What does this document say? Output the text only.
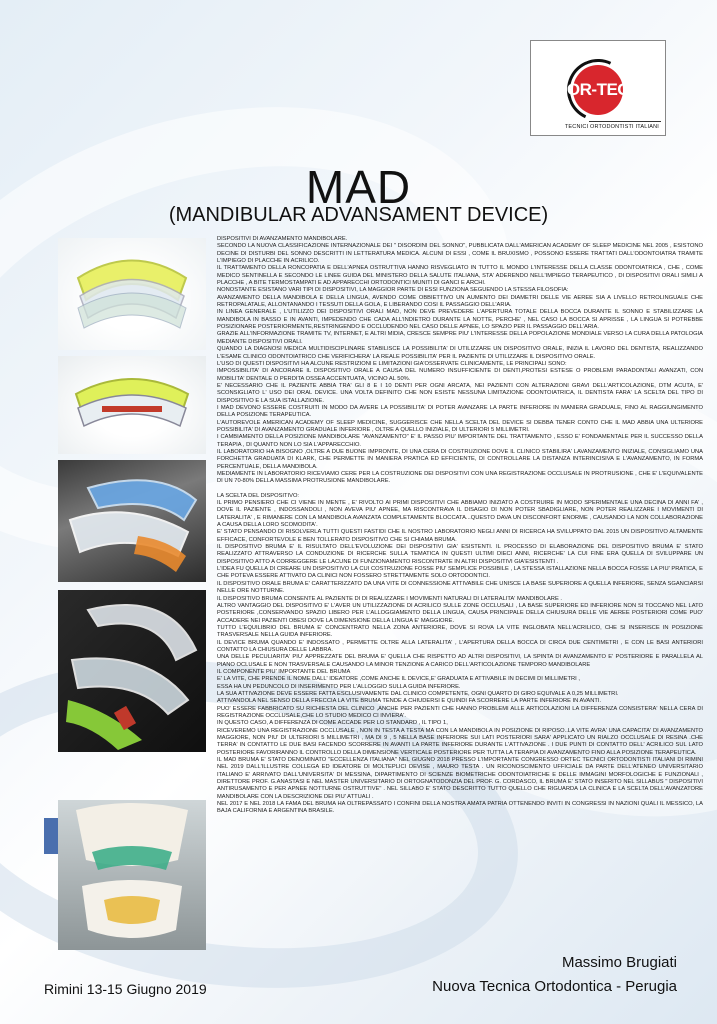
OR-TEC
TECNICI ORTODONTISTI ITALIANI
MAD
(MANDIBULAR ADVANSAMENT DEVICE)

DISPOSITIVI DI AVANZAMENTO MANDIBOLARE.

SECONDO LA NUOVA CLASSIFICAZIONE INTERNAZIONALE DEI " DISORDINI DEL SONNO", PUBBLICATA DALL'AMERICAN ACADEMY OF SLEEP MEDICINE NEL 2005 , ESISTONO DECINE DI DISTURBI DEL SONNO DESCRITTI IN LETTERATURA MEDICA. ALCUNI DI ESSI , COME IL BRUXISMO , POSSONO ESSERE TRATTATI DALL'ODONTOIATRA TRAMITE L'IMPIEGO DI PLACCHE IN ACRILICO.

IL TRATTAMENTO DELLA RONCOPATIA E DELL'APNEA OSTRUTTIVA HANNO RISVEGLIATO IN TUTTO IL MONDO L'INTERESSE DELLA CLASSE ODONTOIATRICA , CHE , COME MEDICO SENTINELLA E SECONDO LE LINEE GUIDA DEL MINISTERO DELLA SALUTE ITALIANA, STA' ADERENDO NELL'IMPIEGO TERAPEUTICO , DI DISPOSITIVI ORALI SIMILI A PLACCHE , A BITE TERMOSTAMPATI E AD APPARECCHI ORTODONTICI MUNITI DI GANCI E ARCHI.

NONOSTANTE ESISTANO VARI TIPI DI DISPOSITIVI, LA MAGGIOR PARTE DI ESSI FUNZIONA SEGUENDO LA STESSA FILOSOFIA:

AVANZAMENTO DELLA MANDIBOLA E DELLA LINGUA, AVENDO COME OBBIETTIVO UN AUMENTO DEI DIAMETRI DELLE VIE AEREE SIA A LIVELLO RETROLINGUALE CHE RETROPALATALE, ALLONTANANDO I TESSUTI DELLA GOLA, E LIBERANDO COSI IL PASSAGGIO DELL'ARIA.

IN LINEA GENERALE , L'UTILIZZO DEI DISPOSITIVI ORALI MAD, NON DEVE PREVEDERE L'APERTURA TOTALE DELLA BOCCA DURANTE IL SONNO E STABILIZZARE LA MANDIBOLA IN BASSO E IN AVANTI, IMPEDENDO CHE CADA ALL'INDIETRO DURANTE LA NOTTE, PERCHE' , NEL CASO LA BOCCA SI APRISSE , LA LINGUA SI POTREBBE POSIZIONARE POSTERIORMENTE,RESTRINGENDO E OCCLUDENDO NEL CASO DELLE APNEE, LO SPAZIO PER IL PASSAGGIO DELL'ARIA.

GRAZIE ALL'INFORMAZIONE TRAMITE TV, INTERNET, E ALTRI MIDIA, CRESCE SEMPRE PIU' L'INTERESSE DELLA POPOLAZIONE MONDIALE VERSO LA CURA DELLA PATOLOGIA MEDIANTE DISPOSITIVI ORALI.

QUANDO LA DIAGNOSI MEDICA MULTIDISCIPLINARE STABILISCE LA POSSIBILITA' DI UTILIZZARE UN DISPOSITIVO ORALE, INIZIA IL LAVORO DEL DENTISTA, REALIZZANDO L'ESAME CLINICO ODONTOIATRICO CHE VERIFICHERA' LA REALE POSSIBILITA' PER IL PAZIENTE DI UTILIZZARE IL DISPOSITIVO ORALE.

L'USO DI QUESTI DISPOSITIVI HA ALCUNE RESTRIZIONI E LIMITAZIONI GIA'OSSERVATE CLINICAMENTE, LE PRINCIPALI SONO:

IMPOSSIBILITA' DI ANCORARE IL DISPOSITIVO ORALE A CAUSA DEL NUMERO INSUFFICIENTE DI DENTI,PROTESI ESTESE O PROBLEMI PARADONTALI AVANZATI, CON MOBILITA' DENTALE O PERDITA OSSEA ACCENTUATA, VICINO AL 50%.

E' NECESSARIO CHE IL PAZIENTE ABBIA TRA' GLI 8 E I 10 DENTI PER OGNI ARCATA, NEI PAZIENTI CON ALTERAZIONI GRAVI DELL'ARTICOLAZIONE, DTM ACUTA, E' SCONSIGLIATO L' USO DEI ORAL DEVICE. UNA VOLTA DEFINITO CHE NON ESISTE NESSUNA LIMITAZIONE ODONTOIATRICA, IL DENTISTA FARA' LA SCELTA DEL TIPO DI DISPOSITIVO E LA SUA ISTALLAZIONE.

I MAD DEVONO ESSERE COSTRUITI IN MODO DA AVERE LA POSSIBILITA' DI POTER AVANZARE LA PARTE INFERIORE IN MANIERA GRADUALE, FINO AL RAGGIUNGIMENTO DELLA POSIZIONE TERAPEUTICA.

L'AUTOREVOLE AMERICAN ACADEMY OF SLEEP MEDICINE, SUGGERISCE CHE NELLA SCELTA DEL DEVICE SI DEBBA TENER CONTO CHE IL MAD ABBIA UNA ULTERIORE POSSIBILITA' DI AVANZAMENTO GRADUALE INFERIORE , OLTRE A QUELLO INIZIALE, DI ULTERIORI 5 MILLIMETRI.

I CAMBIAMENTO DELLA POSIZIONE MANDIBOLARE "AVANZAMENTO" E' IL PASSO PIU' IMPORTANTE DEL TRATTAMENTO , ESSO E' FONDAMENTALE PER IL SUCCESSO DELLA TERAPIA , DI QUANTO NON LO SIA L'APPARECCHIO.

IL LABORATORIO HA BISOGNO ,OLTRE A DUE BUONE IMPRONTE, DI UNA CERA DI COSTRUZIONE DOVE IL CLINICO STABILIRA' LAVANZAMENTO INIZIALE, CONSIGLIAMO UNA FORCHETTA GRADUATA DI KLARK, CHE PERMETTE IN MANIERA PRATICA ED EFFICIENTE, DI CONTROLLARE LA DISTANZA INTERINCISIVA E L'AVANZAMENTO, IN FORMA PERCENTUALE, DELLA MANDIBOLA.

MEDIAMENTE IN LABORATORIO RICEVIAMO CERE PER LA COSTRUZIONE DEI DISPOSITIVI CON UNA REGISTRAZIONE OCCLUSALE IN PROTRUSIONE , CHE E' L'EQUIVALENTE DI UN 70-80% DELLA MASSIMA PROTRUSIONE MANDIBOLARE.

LA SCELTA DEL DISPOSITIVO:

IL PRIMO PENSIERO CHE CI VIENE IN MENTE , E' RIVOLTO AI PRIMI DISPOSITIVI CHE ABBIAMO INIZIATO A COSTRUIRE IN MODO SPERIMENTALE UNA DECINA DI ANNI FA' , DOVE IL PAZIENTE , INDOSSANDOLI , NON AVEVA PIU' APNEE, MA RISCONTRAVA IL DISAGIO DI NON POTER SBADIGLIARE, NON POTER REALIZZARE I MOVIMENTI DI LATERALITA' , E RIMANERE CON LA MANDIBOLA AVANZATA COMPLETAMENTE BLOCCATA...QUESTO DAVA UN DISCONFORT ENORME , CAUSANDO LA NON COLLABORAZIONE A CAUSA DELLA LORO SCOMODITA'.

E' STATO PENSANDO DI RISOLVERLA TUTTI QUESTI FASTIDI CHE IL NOSTRO LABORATORIO NEGLI ANNI DI RICERCA HA SVILUPPATO DAL 2015 UN DISPOSITIVO ALTAMENTE EFFICACE, CONFORTEVOLE E BEN TOLLERATO DISPOSITIVO CHE SI CHIAMA BRUMA.

IL DISPOSITIVO BRUMA E' IL RISULTATO DELL'EVOLUZIONE DEI DISPOSITIVI GIA' ESISTENTI. IL PROCESSO DI ELABORAZIONE DEL DISPOSITIVO BRUMA E' STATO REALIZZATO ATTRAVERSO LA CONDUZIONE DI RICERCHE SULLA TEMATICA IN QUESTI ULTIMI DIECI ANNI, RICERCHE' LA CUI FINE ERA QUELLA DI SVILUPPARE UN DISPOSITIVO ATTO A CORREGGERE LE LACUNE DI FUNZIONAMENTO RISCONTRATE IN ALTRI DISPOSITIVI GIA'ESISTENTI .

L'IDEA FU QUELLA DI CREARE UN DISPOSITIVO LA CUI COSTRUZIONE FOSSE PIU' SEMPLICE POSSIBILE , LA STESSA ISTALLAZIONE NELLA BOCCA FOSSE LA PIU' PRATICA, E CHE POTEVA ESSERE ATTIVATO DA CLINICI NON FOSSERO STRETTAMENTE SOLO ORTODONTICI.

IL DISPOSITIVO ORALE BRUMA E' CARATTERIZZATO DA UNA VITE DI CONNESSIONE ATTIVABILE CHE UNISCE LA BASE SUPERIORE A QUELLA INFERIORE, SENZA SGANCIARSI NELLE ORE NOTTURNE.

IL DISPOSITIVO BRUMA CONSENTE AL PAZIENTE DI DI REALIZZARE I MOVIMENTI NATURALI DI LATERALITA' MANDIBOLARE .

ALTRO VANTAGGIO DEL DISPOSITIVO E' L'AVER UN UTILIZZAZIONE DI ACRILICO SULLE ZONE OCCLUSALI , LA BASE SUPERIORE ED INFERIORE NON SI TOCCANO NEL LATO POSTERIORE ,CONSERVANDO SPAZIO LIBERO PER L'ALLOGGIAMENTO DELLA LINGUA, CAUSA PRINCIPALE DELLA CHIUSURA DELLE VIE AEREE POSTERIORI COME PUO' ACCADERE NEI PAZIENTI OBESI DOVE LA DIMENSIONE DELLA LINGUA E' MAGGIORE.

TUTTO L'EQUILIBRIO DEL BRUMA E' CONCENTRATO NELLA ZONA ANTERIORE, DOVE SI ROVA LA VITE INGLOBATA NELL'ACRILICO, CHE SI INSERISCE IN POSIZIONE TRASVERSALE NELLA GUIDA INFERIORE.

IL DEVICE BRUMA QUANDO E' INDOSSATO , PERMETTE OLTRE ALLA LATERALITA' , L'APERTURA DELLA BOCCA DI CIRCA DUE CENTIMETRI , E CON LE BASI ANTERIORI CONTATTO LA CHIUSURA DELLE LABBRA.

UNA DELLE PECULIARITA' PIU' APPREZZATE DEL BRUMA E' QUELLA CHE RISPETTO AD ALTRI DISPOSITIVI, LA SPINTA DI AVANZAMENTO E' POSTERIORE E PARALLELA AL PIANO OCLUSALE E NON TRASVERSALE CAUSANDO LA MINOR TENZIONE A CARICO DELL'ARTICOLAZIONE TEMPORO MANDIBOLARE

IL COMPONENTE PIU' IMPORTANTE DEL BRUMA

E' LA VITE, CHE PRENDE IL NOME DALL' IDEATORE ,COME ANCHE IL DEVICE,E' GRADUATA E ATTIVABILE IN DECIMI DI MILLIMETRI ,

ESSA HA UN PEDUNCOLO DI INSERIMENTO PER L'ALLOGGIO SULLA GUIDA INFERIORE.

LA SUA ATTIVAZIONE DEVE ESSERE FATTA ESCLUSIVAMENTE DAL CLINICO COMPETENTE, OGNI QUARTO DI GIRO EQUIVALE A 0,25 MILLIMETRI.

ATTIVANDOLA NEL SENSO DELLA FRECCIA LA VITE BRUMA TENDE A CHIUDERSI E QUINDI FA SCORRERE LA PARTE INFERIORE IN AVANTI.

PUO' ESSERE FABBRICATO SU RICHIESTA DEL CLINICO ,ANCHE PER PAZIENTI CHE HANNO PROBLEMI ALLE ARTICOLAZIONI LA DIFFERENZA CONSISTERA' NELLA CERA DI REGISTRAZIONE OCCLUSALE,CHE LO STUDIO MEDICO CI INVIERA'.

IN QUESTO CASO, A DIFFERENZA DI COME ACCADE PER LO STANDARD , IL TIPO 1,

RICEVEREMO UNA REGISTRAZIONE OCCLUSALE , NON IN TESTA A TESTA MA CON LA MANDIBOLA IN POSIZIONE DI RIPOSO..LA VITE AVRA' UNA CAPACITA' DI AVANZAMENTO MAGGIORE, NON PIU' DI ULTERIORI 5 MILLIMETRI , MA DI 9 , 5 NELLA BASE INFERIORE SUI LATI POSTERIORI SARA' APPLICATO UN RIALZO OCCLUSALE DI RESINA .CHE TERRA' IN CONTATTO LE DUE BASI FACENDO SCORRERE IN AVANTI LA PARTE INFERIORE DURANTE L'ATTIVAZIONE . I DUE PUNTI DI CONTATTO DELL' ACRILICO SUL LATO POSTERIORE FAVORIRANNO IL CONTROLLO DELLA DIMENSIONE VERTICALE POSTERIORE PER TUTTA LA TERAPIA DI AVANZAMENTO FINO ALLA POSIZIONE TERAPEUTICA.

IL MAD BRUMA E' STATO DENOMINATO "ECCELLENZA ITALIANA" NEL GIUGNO 2018 PRESSO L'IMPORTANTE CONGRESSO ORTEC TECNICI ORTODONTISTI ITALIANI DI RIMINI NEL 2019 DALL'ILLUSTRE COLLEGA ED IDEATORE DI MOLTEPLICI DEVISE , MAURO TESTA . UN RICONOSCIMENTO UFFICIALE DA PARTE DELL'ATENEO UNIVERSITARIO ITALIANO E' ARRIVATO DALL'UNIVERSITA' DI MESSINA, DIPARTIMENTO DI SCIENZE BIOMETRICHE ODONTOIATRICHE E DELLE IMMAGINI MORFOLOGICHE E FUNZIONALI , DIRETTORE PROF. G.ANASTASI E NEL MASTER UNIVERSITARIO DI ORTOGNATODONZIA DEL PROF. G. CORDASCO, IL BRUMA E' STATO INSERITO NEL SILLABUS " DISPOSITIVI ANTIRUSAMENTO E PER APNEE NOTTURNE OSTRUTTIVE" . NEL SILLABO E' STATO DESCRITTO TUTTO QUELLO CHE RIGUARDA LA CLINICA E LA SCELTA DELL'AVANZATORE MANDIBOLARE CON LA DESCRIZIONE DEI PIU' ATTUALI .

NEL 2017 E NEL 2018 LA FAMA DEL BRUMA HA OLTREPASSATO I CONFINI DELLA NOSTRA AMATA PATRIA OTTENENDO INVITI IN CONGRESSI IN NAZIONI QUALI IL MESSICO, LA BAJA CALIFORNIA E ARGENTINA BRASILE.

Rimini 13-15 Giugno 2019
Massimo Brugiati
Nuova Tecnica Ortodontica - Perugia
